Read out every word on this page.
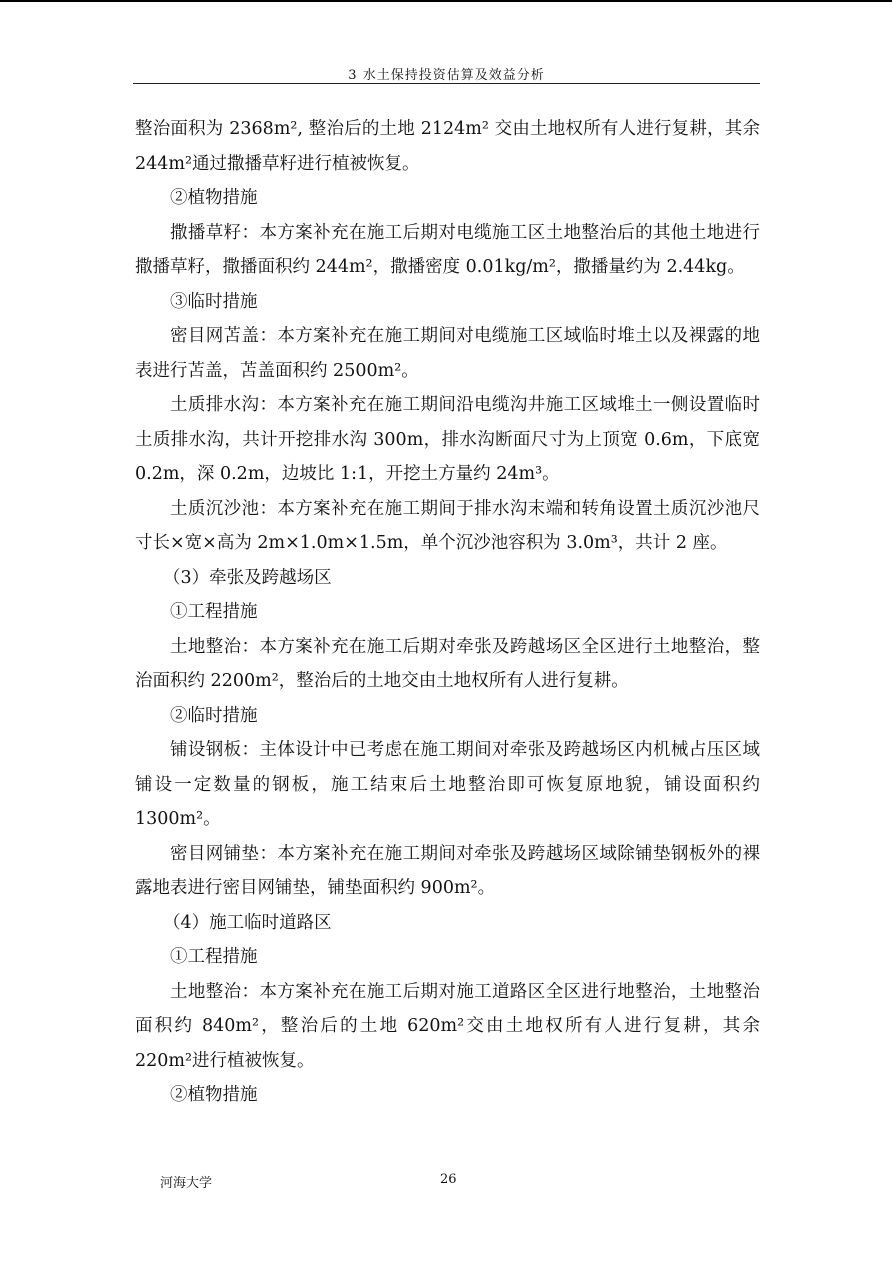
3 水土保持投资估算及效益分析
整治面积为 2368m², 整治后的土地 2124m² 交由土地权所有人进行复耕，其余 244m²通过撒播草籽进行植被恢复。
②植物措施
撒播草籽：本方案补充在施工后期对电缆施工区土地整治后的其他土地进行撒播草籽，撒播面积约 244m²，撒播密度 0.01kg/m²，撒播量约为 2.44kg。
③临时措施
密目网苫盖：本方案补充在施工期间对电缆施工区域临时堆土以及裸露的地表进行苫盖，苫盖面积约 2500m²。
土质排水沟：本方案补充在施工期间沿电缆沟井施工区域堆土一侧设置临时土质排水沟，共计开挖排水沟 300m，排水沟断面尺寸为上顶宽 0.6m，下底宽 0.2m，深 0.2m，边坡比 1:1，开挖土方量约 24m³。
土质沉沙池：本方案补充在施工期间于排水沟末端和转角设置土质沉沙池尺寸长×宽×高为 2m×1.0m×1.5m，单个沉沙池容积为 3.0m³，共计 2 座。
（3）牵张及跨越场区
①工程措施
土地整治：本方案补充在施工后期对牵张及跨越场区全区进行土地整治，整治面积约 2200m²，整治后的土地交由土地权所有人进行复耕。
②临时措施
铺设钢板：主体设计中已考虑在施工期间对牵张及跨越场区内机械占压区域铺设一定数量的钢板，施工结束后土地整治即可恢复原地貌，铺设面积约 1300m²。
密目网铺垫：本方案补充在施工期间对牵张及跨越场区域除铺垫钢板外的裸露地表进行密目网铺垫，铺垫面积约 900m²。
（4）施工临时道路区
①工程措施
土地整治：本方案补充在施工后期对施工道路区全区进行地整治，土地整治面积约 840m²，整治后的土地 620m²交由土地权所有人进行复耕，其余 220m²进行植被恢复。
②植物措施
河海大学	26
